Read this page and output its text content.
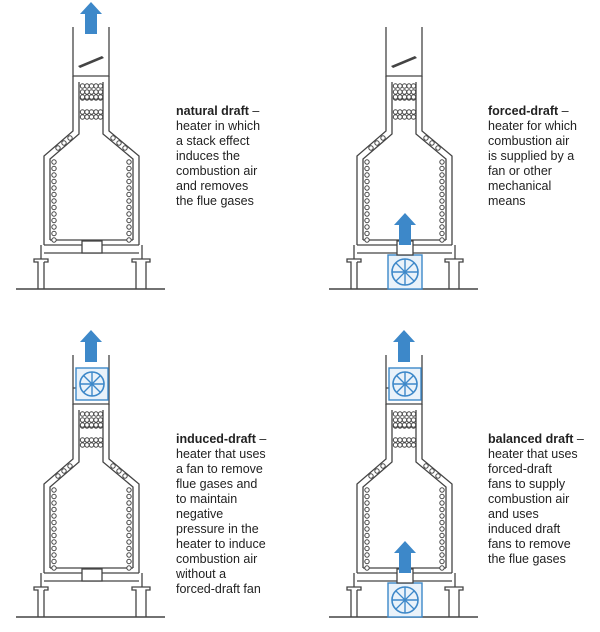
natural draft –
heater in which
a stack effect
induces the
combustion air
and removes
the flue gases

forced-draft –
heater for which
combustion air
is supplied by a
fan or other
mechanical
means

induced-draft –
heater that uses
a fan to remove
flue gases and
to maintain
negative
pressure in the
heater to induce
combustion air
without a
forced-draft fan

balanced draft –
heater that uses
forced-draft
fans to supply
combustion air
and uses
induced draft
fans to remove
the flue gases
